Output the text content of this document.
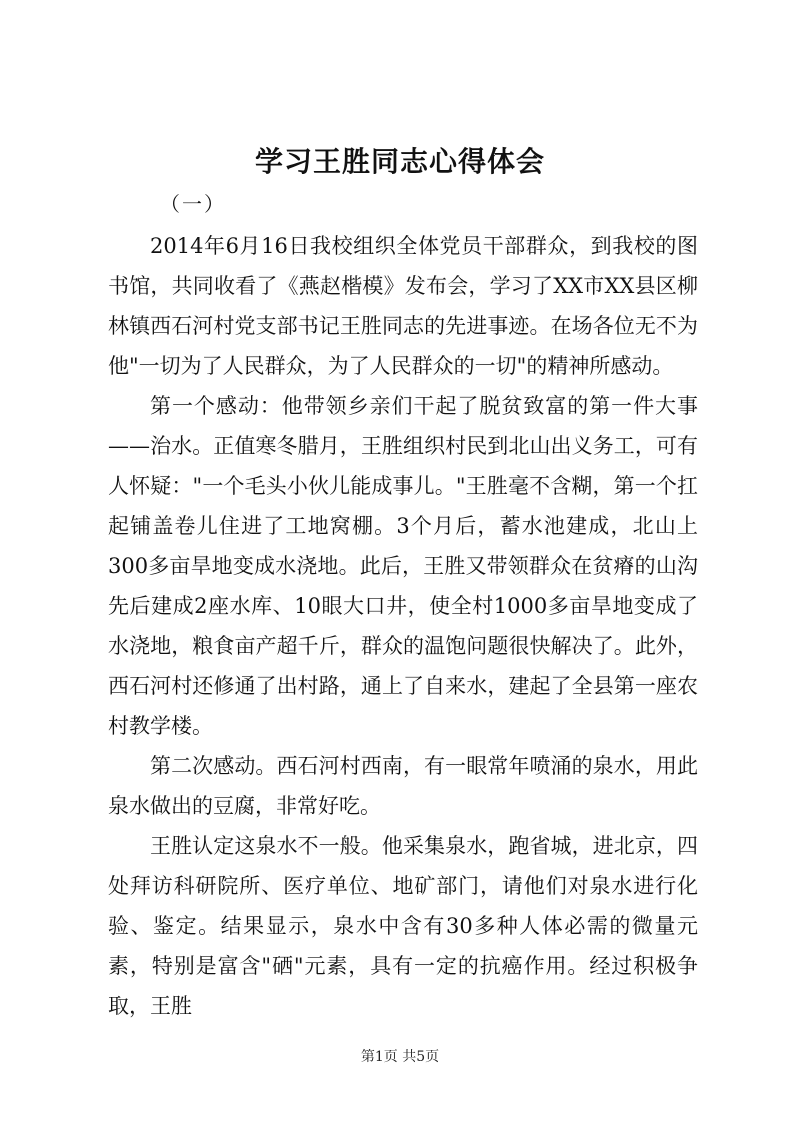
学习王胜同志心得体会
（一）

2014年6月16日我校组织全体党员干部群众，到我校的图书馆，共同收看了《燕赵楷模》发布会，学习了XX市XX县区柳林镇西石河村党支部书记王胜同志的先进事迹。在场各位无不为他"一切为了人民群众，为了人民群众的一切"的精神所感动。

第一个感动：他带领乡亲们干起了脱贫致富的第一件大事——治水。正值寒冬腊月，王胜组织村民到北山出义务工，可有人怀疑："一个毛头小伙儿能成事儿。"王胜毫不含糊，第一个扛起铺盖卷儿住进了工地窝棚。3个月后，蓄水池建成，北山上300多亩旱地变成水浇地。此后，王胜又带领群众在贫瘠的山沟先后建成2座水库、10眼大口井，使全村1000多亩旱地变成了水浇地，粮食亩产超千斤，群众的温饱问题很快解决了。此外，西石河村还修通了出村路，通上了自来水，建起了全县第一座农村教学楼。

第二次感动。西石河村西南，有一眼常年喷涌的泉水，用此泉水做出的豆腐，非常好吃。

王胜认定这泉水不一般。他采集泉水，跑省城，进北京，四处拜访科研院所、医疗单位、地矿部门，请他们对泉水进行化验、鉴定。结果显示，泉水中含有30多种人体必需的微量元素，特别是富含"硒"元素，具有一定的抗癌作用。经过积极争取，王胜

第1页 共5页
